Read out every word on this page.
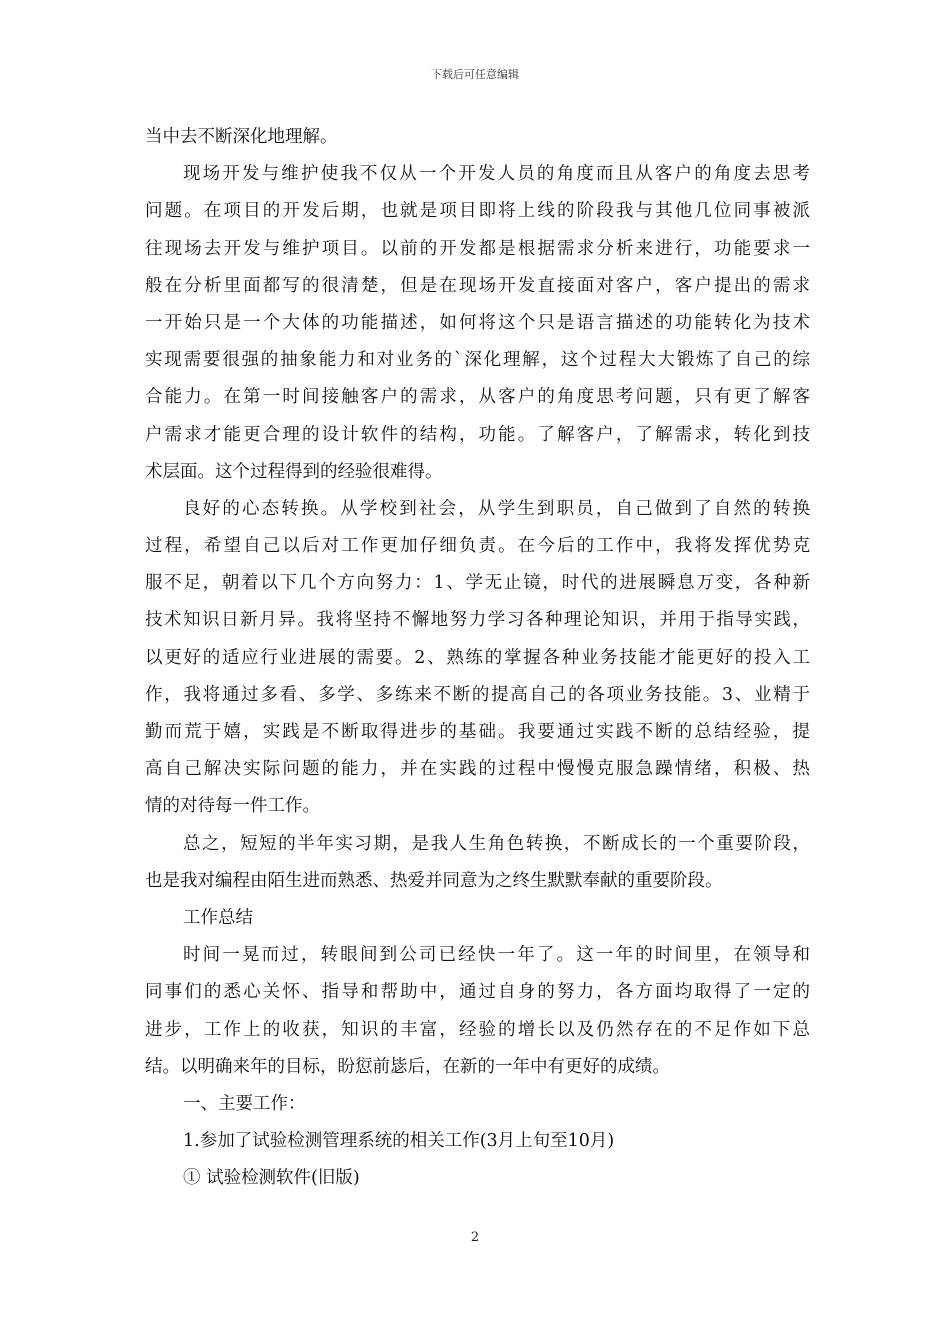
下载后可任意编辑
当中去不断深化地理解。
现场开发与维护使我不仅从一个开发人员的角度而且从客户的角度去思考
问题。在项目的开发后期，也就是项目即将上线的阶段我与其他几位同事被派
往现场去开发与维护项目。以前的开发都是根据需求分析来进行，功能要求一
般在分析里面都写的很清楚，但是在现场开发直接面对客户，客户提出的需求
一开始只是一个大体的功能描述，如何将这个只是语言描述的功能转化为技术
实现需要很强的抽象能力和对业务的`深化理解，这个过程大大锻炼了自己的综
合能力。在第一时间接触客户的需求，从客户的角度思考问题，只有更了解客
户需求才能更合理的设计软件的结构，功能。了解客户，了解需求，转化到技
术层面。这个过程得到的经验很难得。
良好的心态转换。从学校到社会，从学生到职员，自己做到了自然的转换
过程，希望自己以后对工作更加仔细负责。在今后的工作中，我将发挥优势克
服不足，朝着以下几个方向努力：1、学无止镜，时代的进展瞬息万变，各种新
技术知识日新月异。我将坚持不懈地努力学习各种理论知识，并用于指导实践，
以更好的适应行业进展的需要。2、熟练的掌握各种业务技能才能更好的投入工
作，我将通过多看、多学、多练来不断的提高自己的各项业务技能。3、业精于
勤而荒于嬉，实践是不断取得进步的基础。我要通过实践不断的总结经验，提
高自己解决实际问题的能力，并在实践的过程中慢慢克服急躁情绪，积极、热
情的对待每一件工作。
总之，短短的半年实习期，是我人生角色转换，不断成长的一个重要阶段，
也是我对编程由陌生进而熟悉、热爱并同意为之终生默默奉献的重要阶段。
工作总结
时间一晃而过，转眼间到公司已经快一年了。这一年的时间里，在领导和
同事们的悉心关怀、指导和帮助中，通过自身的努力，各方面均取得了一定的
进步，工作上的收获，知识的丰富，经验的增长以及仍然存在的不足作如下总
结。以明确来年的目标，盼愆前毖后，在新的一年中有更好的成绩。
一、主要工作：
1.参加了试验检测管理系统的相关工作(3月上旬至10月)
① 试验检测软件(旧版)
2
